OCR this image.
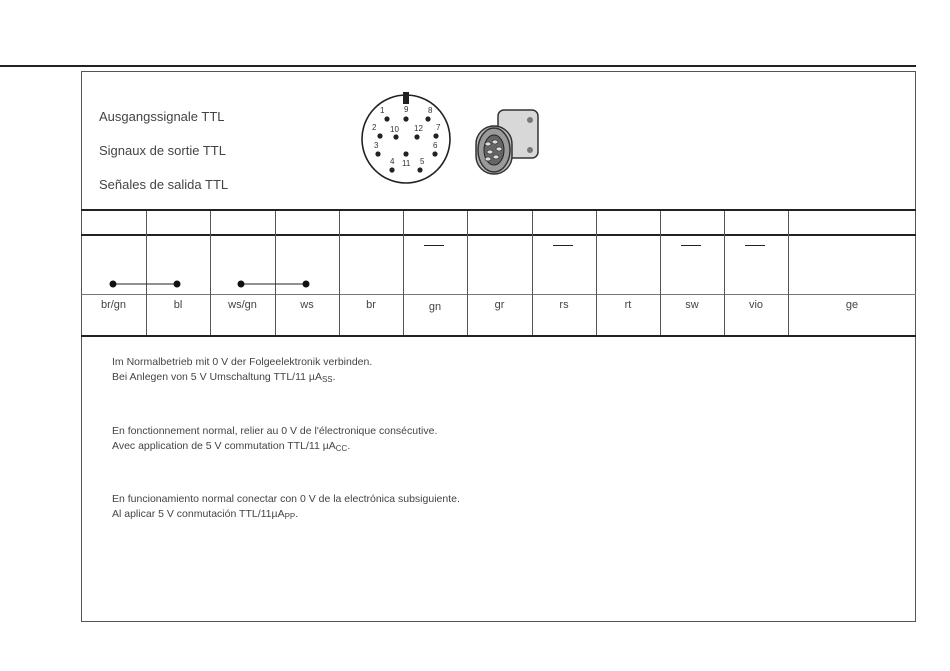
Ausgangssignale TTL
Signaux de sortie TTL
Señales de salida TTL
1 9 8
2 10 12 7
3	6
4 11 5
br/gn	bl	ws/gn	ws	br	gn	gr	rs	rt	sw	vio	ge
Im Normalbetrieb mit 0 V der Folgeelektronik verbinden.
Bei Anlegen von 5 V Umschaltung TTL/11 µA$_{SS}$.
En fonctionnement normal, relier au 0 V de l'électronique consécutive.
Avec application de 5 V commutation TTL/11 µA$_{CC}$.
En funcionamiento normal conectar con 0 V de la electrónica subsiguiente.
Al aplicar 5 V conmutación TTL/11µA$_{PP}$.
